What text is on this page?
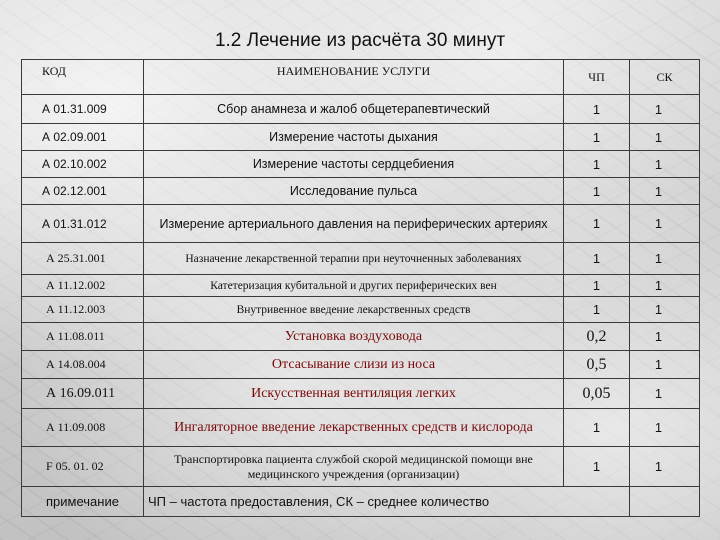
1.2 Лечение из расчёта 30 минут
КОД	НАИМЕНОВАНИЕ УСЛУГИ	ЧП	СК
А 01.31.009	Сбор анамнеза и жалоб общетерапевтический	1	1
А 02.09.001	Измерение частоты дыхания	1	1
А 02.10.002	Измерение частоты сердцебиения	1	1
А 02.12.001	Исследование пульса	1	1
А 01.31.012	Измерение артериального давления на периферических артериях	1	1
А 25.31.001	Назначение лекарственной терапии при неуточненных заболеваниях	1	1
А 11.12.002	Катетеризация кубитальной и других периферических вен	1	1
А 11.12.003	Внутривенное введение лекарственных средств	1	1
А 11.08.011	Установка воздуховода	0,2	1
А 14.08.004	Отсасывание слизи из носа	0,5	1
А 16.09.011	Искусственная вентиляция легких	0,05	1
А 11.09.008	Ингаляторное введение лекарственных средств и кислорода	1	1
F 05. 01. 02	Транспортировка пациента службой скорой медицинской помощи вне медицинского учреждения (организации)	1	1
примечание	ЧП – частота предоставления, СК – среднее количество		
